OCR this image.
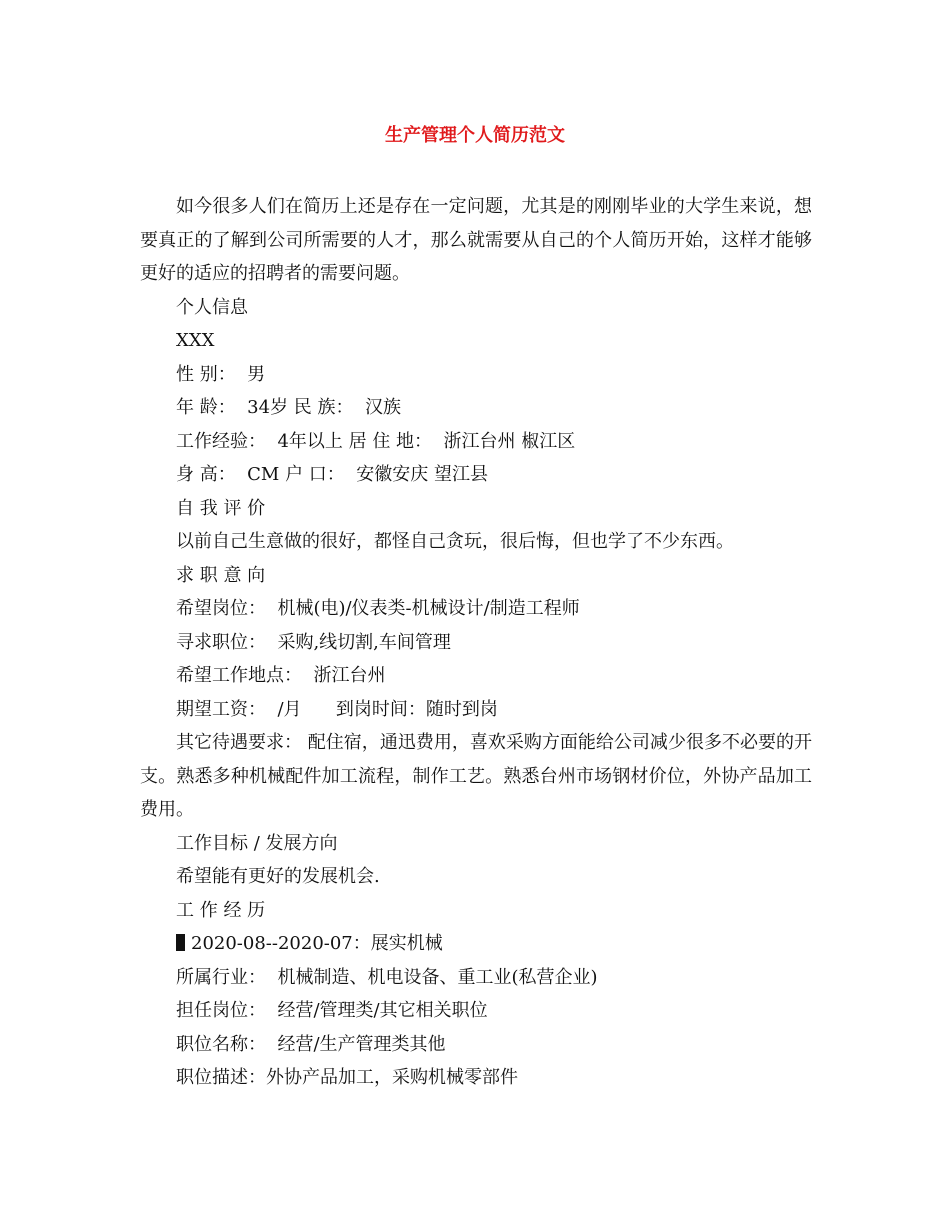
生产管理个人简历范文

如今很多人们在简历上还是存在一定问题，尤其是的刚刚毕业的大学生来说，想要真正的了解到公司所需要的人才，那么就需要从自己的个人简历开始，这样才能够更好的适应的招聘者的需要问题。

个人信息

XXX

性 别：  男

年 龄：  34岁 民 族：  汉族

工作经验：  4年以上 居 住 地：  浙江台州 椒江区

身 高：  CM 户 口：  安徽安庆 望江县

自 我 评 价

以前自己生意做的很好，都怪自己贪玩，很后悔，但也学了不少东西。

求 职 意 向

希望岗位：  机械(电)/仪表类-机械设计/制造工程师

寻求职位：  采购,线切割,车间管理

希望工作地点：  浙江台州

期望工资：  /月      到岗时间：随时到岗

其它待遇要求： 配住宿，通迅费用，喜欢采购方面能给公司减少很多不必要的开支。熟悉多种机械配件加工流程，制作工艺。熟悉台州市场钢材价位，外协产品加工费用。

工作目标 / 发展方向

希望能有更好的发展机会.

工 作 经 历

2020-08--2020-07：展实机械

所属行业：  机械制造、机电设备、重工业(私营企业)

担任岗位：  经营/管理类/其它相关职位

职位名称：  经营/生产管理类其他

职位描述：外协产品加工，采购机械零部件
